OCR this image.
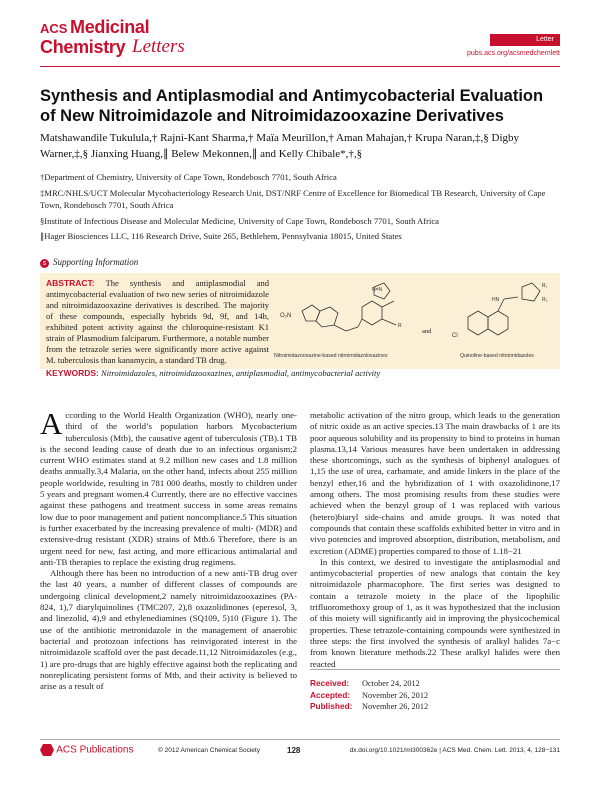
ACS Medicinal
Chemistry Letters	Letter
pubs.acs.org/acsmedchemlett
Synthesis and Antiplasmodial and Antimycobacterial Evaluation of New Nitroimidazole and Nitroimidazooxazine Derivatives
Matshawandile Tukulula,† Rajni-Kant Sharma,† Maïa Meurillon,† Aman Mahajan,† Krupa Naran,‡,§ Digby Warner,‡,§ Jianxing Huang,∥ Belew Mekonnen,∥ and Kelly Chibale*,†,§

†Department of Chemistry, University of Cape Town, Rondebosch 7701, South Africa

‡MRC/NHLS/UCT Molecular Mycobacteriology Research Unit, DST/NRF Centre of Excellence for Biomedical TB Research, University of Cape Town, Rondebosch 7701, South Africa

§Institute of Infectious Disease and Molecular Medicine, University of Cape Town, Rondebosch 7701, South Africa

∥Hager Biosciences LLC, 116 Research Drive, Suite 265, Bethlehem, Pennsylvania 18015, United States

s Supporting Information
ABSTRACT: The synthesis and antiplasmodial and antimycobacterial evaluation of two new series of nitroimidazole and nitroimidazooxazine derivatives is described. The majority of these compounds, especially hybrids 9d, 9f, and 14b, exhibited potent activity against the chloroquine-resistant K1 strain of Plasmodium falciparum. Furthermore, a notable number from the tetrazole series were significantly more active against M. tuberculosis than kanamycin, a standard TB drug.
O₂N
N=N
R
Nitroimidazooxazine-based nitroimidazoloxazines
and
Cl
HN
R₁
R₂
Quinoline-based nitroimidazoles
KEYWORDS: Nitroimidazoles, nitroimidazooxazines, antiplasmodial, antimycobacterial activity

According to the World Health Organization (WHO), nearly one-third of the world’s population harbors Mycobacterium tuberculosis (Mtb), the causative agent of tuberculosis (TB).1 TB is the second leading cause of death due to an infectious organism;2 current WHO estimates stand at 9.2 million new cases and 1.8 million deaths annually.3,4 Malaria, on the other hand, infects about 255 million people worldwide, resulting in 781 000 deaths, mostly to children under 5 years and pregnant women.4 Currently, there are no effective vaccines against these pathogens and treatment success in some areas remains low due to poor management and patient noncompliance.5 This situation is further exacerbated by the increasing prevalence of multi- (MDR) and extensive-drug resistant (XDR) strains of Mtb.6 Therefore, there is an urgent need for new, fast acting, and more efficacious antimalarial and anti-TB therapies to replace the existing drug regimens.

Although there has been no introduction of a new anti-TB drug over the last 40 years, a number of different classes of compounds are undergoing clinical development,2 namely nitroimidazooxazines (PA-824, 1),7 diarylquinolines (TMC207, 2),8 oxazolidinones (eperesol, 3, and linezolid, 4),9 and ethylenediamines (SQ109, 5)10 (Figure 1). The use of the antibiotic metronidazole in the management of anaerobic bacterial and protozoan infections has reinvigorated interest in the nitroimidazole scaffold over the past decade.11,12 Nitroimidazoles (e.g., 1) are pro-drugs that are highly effective against both the replicating and nonreplicating persistent forms of Mtb, and their activity is believed to arise as a result of

metabolic activation of the nitro group, which leads to the generation of nitric oxide as an active species.13 The main drawbacks of 1 are its poor aqueous solubility and its propensity to bind to proteins in human plasma.13,14 Various measures have been undertaken in addressing these shortcomings, such as the synthesis of biphenyl analogues of 1,15 the use of urea, carbamate, and amide linkers in the place of the benzyl ether,16 and the hybridization of 1 with oxazolidinone,17 among others. The most promising results from these studies were achieved when the benzyl group of 1 was replaced with various (hetero)biaryl side-chains and amide groups. It was noted that compounds that contain these scaffolds exhibited better in vitro and in vivo potencies and improved absorption, distribution, metabolism, and excretion (ADME) properties compared to those of 1.18−21

In this context, we desired to investigate the antiplasmodial and antimycobacterial properties of new analogs that contain the key nitroimidazole pharmacophore. The first series was designed to contain a tetrazole moiety in the place of the lipophilic trifluoromethoxy group of 1, as it was hypothesized that the inclusion of this moiety will significantly aid in improving the physicochemical properties. These tetrazole-containing compounds were synthesized in three steps: the first involved the synthesis of aralkyl halides 7a−c from known literature methods.22 These aralkyl halides were then reacted

Received: October 24, 2012
Accepted: November 26, 2012
Published: November 26, 2012
ACS Publications	© 2012 American Chemical Society	128	dx.doi.org/10.1021/ml300362e | ACS Med. Chem. Lett. 2013, 4, 128−131
